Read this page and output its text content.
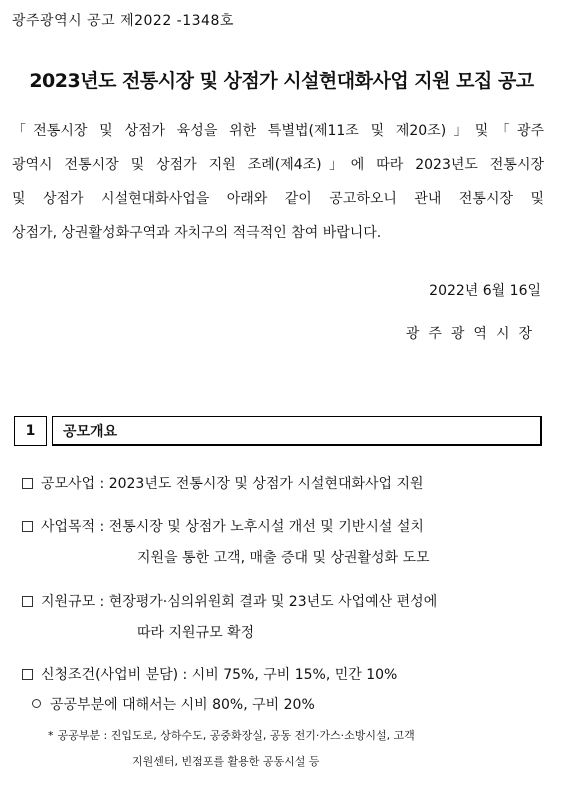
광주광역시 공고 제2022 -1348호
2023년도 전통시장 및 상점가 시설현대화사업 지원 모집 공고
「전통시장 및 상점가 육성을 위한 특별법(제11조 및 제20조)」및「광주
광역시 전통시장 및 상점가 지원 조례(제4조)」에 따라 2023년도 전통시장
및 상점가 시설현대화사업을 아래와 같이 공고하오니 관내 전통시장 및
상점가, 상권활성화구역과 자치구의 적극적인 참여 바랍니다.
2022년 6월 16일
광주광역시장
1	공모개요
공모사업 : 2023년도 전통시장 및 상점가 시설현대화사업 지원
사업목적 : 전통시장 및 상점가 노후시설 개선 및 기반시설 설치
지원을 통한 고객, 매출 증대 및 상권활성화 도모
지원규모 : 현장평가·심의위원회 결과 및 23년도 사업예산 편성에
따라 지원규모 확정
신청조건(사업비 분담) : 시비 75%, 구비 15%, 민간 10%
공공부분에 대해서는 시비 80%, 구비 20%
* 공공부분 : 진입도로, 상하수도, 공중화장실, 공동 전기·가스·소방시설, 고객
지원센터, 빈점포를 활용한 공동시설 등
